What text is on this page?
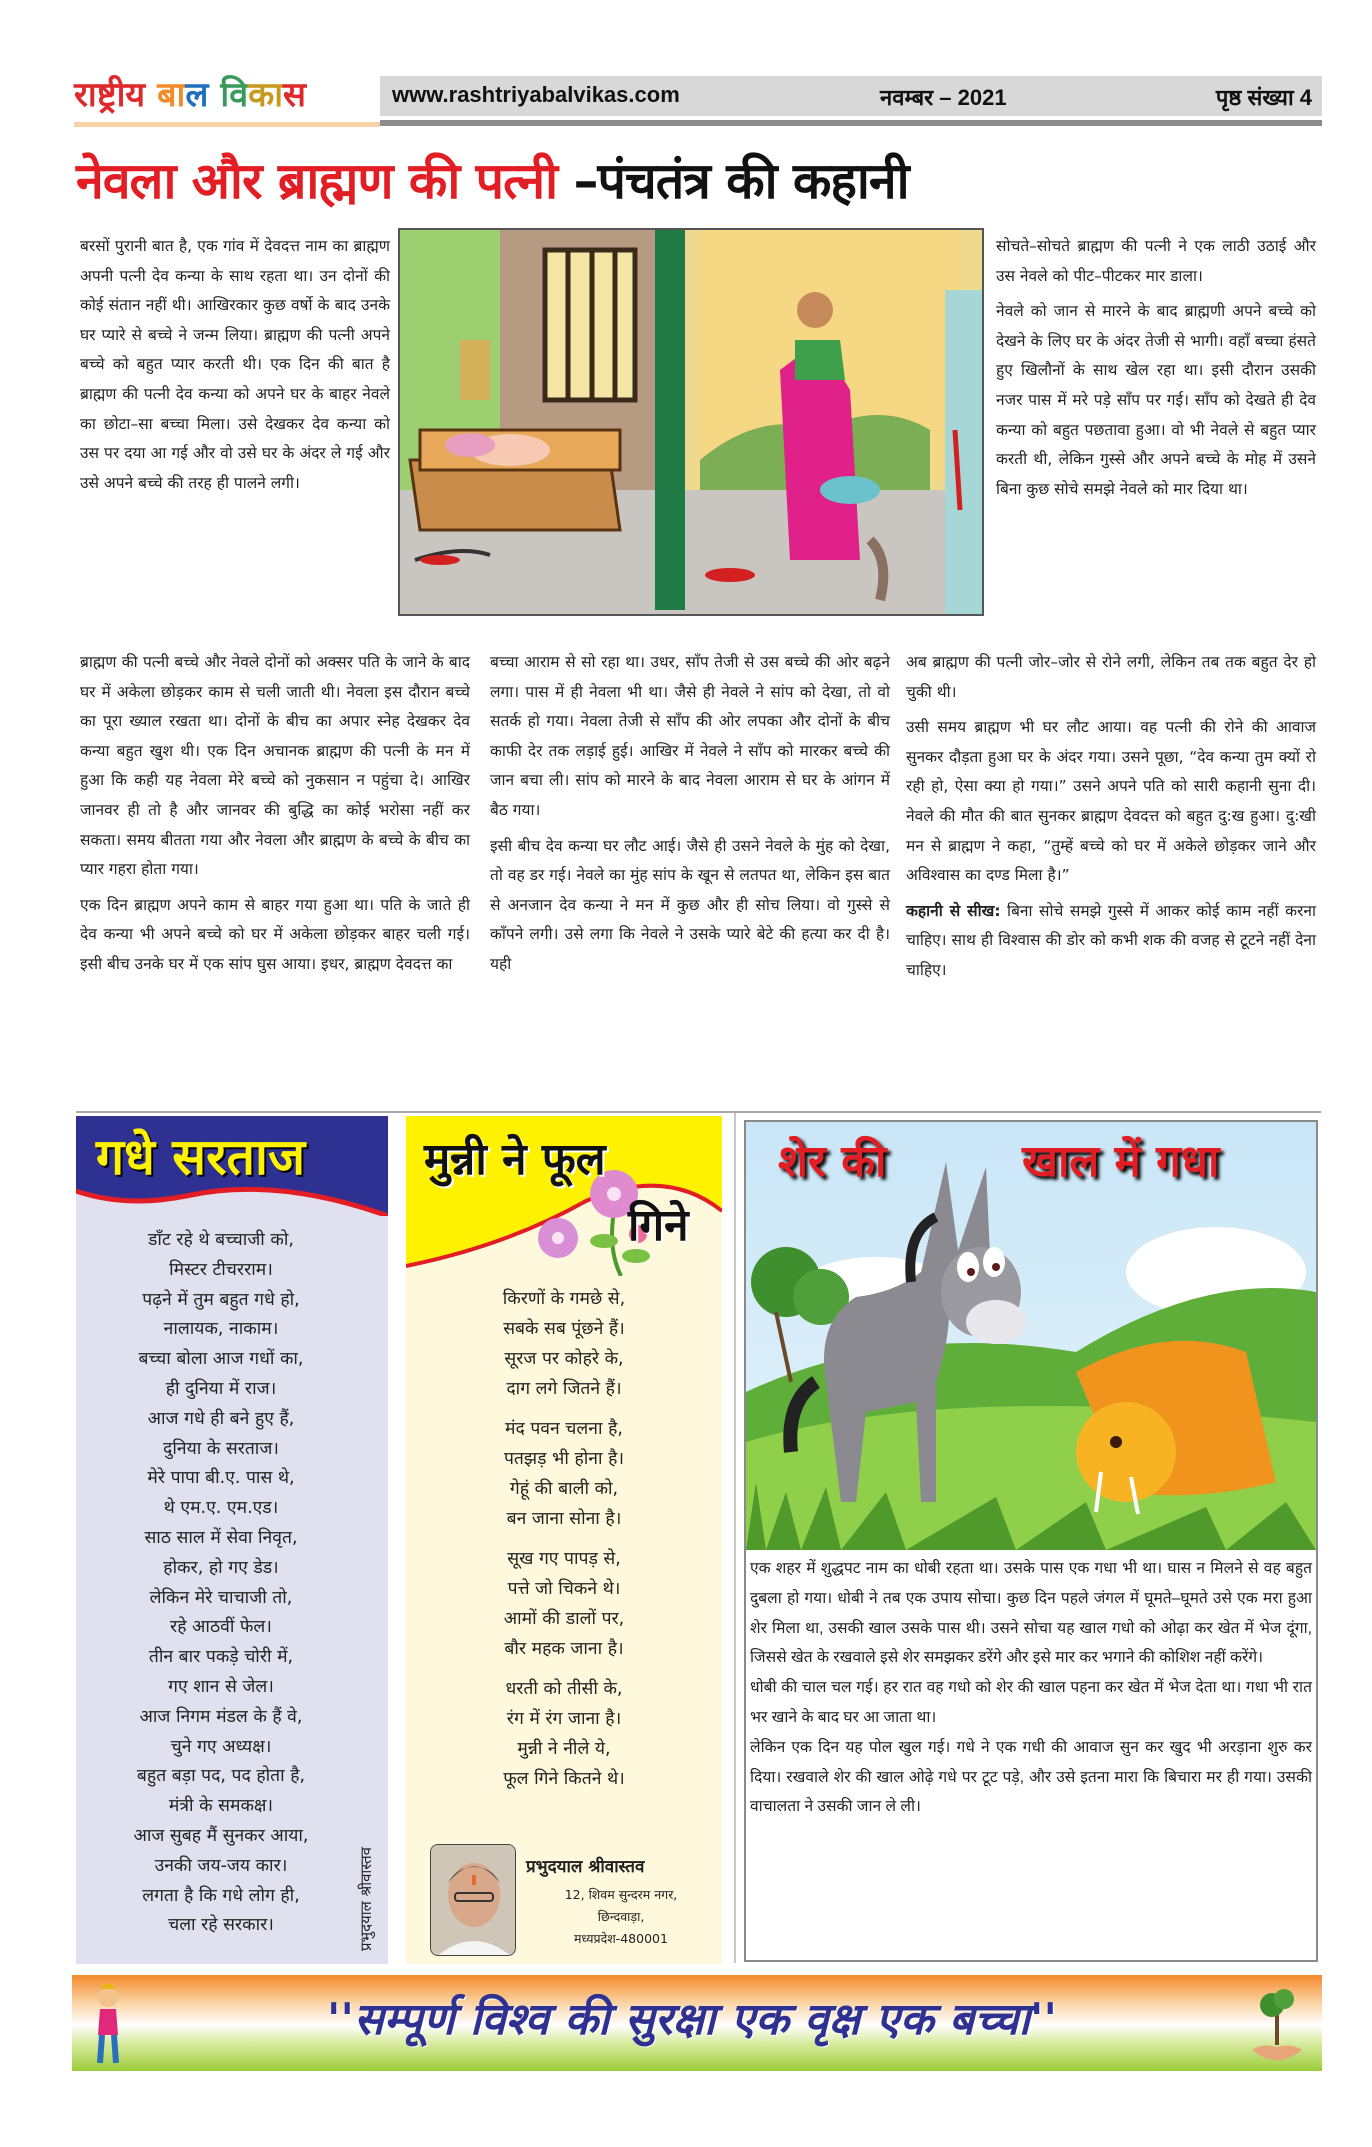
राष्ट्रीय बाल विकास	www.rashtriyabalvikas.com	नवम्बर – 2021	पृष्ठ संख्या 4
नेवला और ब्राह्मण की पत्नी –पंचतंत्र की कहानी

बरसों पुरानी बात है, एक गांव में देवदत्त नाम का ब्राह्मण अपनी पत्नी देव कन्या के साथ रहता था। उन दोनों की कोई संतान नहीं थी। आखिरकार कुछ वर्षो के बाद उनके घर प्यारे से बच्चे ने जन्म लिया। ब्राह्मण की पत्नी अपने बच्चे को बहुत प्यार करती थी। एक दिन की बात है ब्राह्मण की पत्नी देव कन्या को अपने घर के बाहर नेवले का छोटा–सा बच्चा मिला। उसे देखकर देव कन्या को उस पर दया आ गई और वो उसे घर के अंदर ले गई और उसे अपने बच्चे की तरह ही पालने लगी।

सोचते–सोचते ब्राह्मण की पत्नी ने एक लाठी उठाई और उस नेवले को पीट–पीटकर मार डाला।

नेवले को जान से मारने के बाद ब्राह्मणी अपने बच्चे को देखने के लिए घर के अंदर तेजी से भागी। वहाँ बच्चा हंसते हुए खिलौनों के साथ खेल रहा था। इसी दौरान उसकी नजर पास में मरे पड़े साँप पर गई। साँप को देखते ही देव कन्या को बहुत पछतावा हुआ। वो भी नेवले से बहुत प्यार करती थी, लेकिन गुस्से और अपने बच्चे के मोह में उसने बिना कुछ सोचे समझे नेवले को मार दिया था।

ब्राह्मण की पत्नी बच्चे और नेवले दोनों को अक्सर पति के जाने के बाद घर में अकेला छोड़कर काम से चली जाती थी। नेवला इस दौरान बच्चे का पूरा ख्याल रखता था। दोनों के बीच का अपार स्नेह देखकर देव कन्या बहुत खुश थी। एक दिन अचानक ब्राह्मण की पत्नी के मन में हुआ कि कही यह नेवला मेरे बच्चे को नुकसान न पहुंचा दे। आखिर जानवर ही तो है और जानवर की बुद्धि का कोई भरोसा नहीं कर सकता। समय बीतता गया और नेवला और ब्राह्मण के बच्चे के बीच का प्यार गहरा होता गया।

एक दिन ब्राह्मण अपने काम से बाहर गया हुआ था। पति के जाते ही देव कन्या भी अपने बच्चे को घर में अकेला छोड़कर बाहर चली गई। इसी बीच उनके घर में एक सांप घुस आया। इधर, ब्राह्मण देवदत्त का

बच्चा आराम से सो रहा था। उधर, साँप तेजी से उस बच्चे की ओर बढ़ने लगा। पास में ही नेवला भी था। जैसे ही नेवले ने सांप को देखा, तो वो सतर्क हो गया। नेवला तेजी से साँप की ओर लपका और दोनों के बीच काफी देर तक लड़ाई हुई। आखिर में नेवले ने साँप को मारकर बच्चे की जान बचा ली। सांप को मारने के बाद नेवला आराम से घर के आंगन में बैठ गया।

इसी बीच देव कन्या घर लौट आई। जैसे ही उसने नेवले के मुंह को देखा, तो वह डर गई। नेवले का मुंह सांप के खून से लतपत था, लेकिन इस बात से अनजान देव कन्या ने मन में कुछ और ही सोच लिया। वो गुस्से से काँपने लगी। उसे लगा कि नेवले ने उसके प्यारे बेटे की हत्या कर दी है। यही

अब ब्राह्मण की पत्नी जोर–जोर से रोने लगी, लेकिन तब तक बहुत देर हो चुकी थी।

उसी समय ब्राह्मण भी घर लौट आया। वह पत्नी की रोने की आवाज सुनकर दौड़ता हुआ घर के अंदर गया। उसने पूछा, “देव कन्या तुम क्यों रो रही हो, ऐसा क्या हो गया।” उसने अपने पति को सारी कहानी सुना दी। नेवले की मौत की बात सुनकर ब्राह्मण देवदत्त को बहुत दु:ख हुआ। दु:खी मन से ब्राह्मण ने कहा, “तुम्हें बच्चे को घर में अकेले छोड़कर जाने और अविश्वास का दण्ड मिला है।”

कहानी से सीख: बिना सोचे समझे गुस्से में आकर कोई काम नहीं करना चाहिए। साथ ही विश्वास की डोर को कभी शक की वजह से टूटने नहीं देना चाहिए।

गधे सरताज
डाँट रहे थे बच्चाजी को,
मिस्टर टीचरराम।
पढ़ने में तुम बहुत गधे हो,
नालायक, नाकाम।
बच्चा बोला आज गधों का,
ही दुनिया में राज।
आज गधे ही बने हुए हैं,
दुनिया के सरताज।
मेरे पापा बी.ए. पास थे,
थे एम.ए. एम.एड।
साठ साल में सेवा निवृत,
होकर, हो गए डेड।
लेकिन मेरे चाचाजी तो,
रहे आठवीं फेल।
तीन बार पकड़े चोरी में,
गए शान से जेल।
आज निगम मंडल के हैं वे,
चुने गए अध्यक्ष।
बहुत बड़ा पद, पद होता है,
मंत्री के समकक्ष।
आज सुबह मैं सुनकर आया,
उनकी जय-जय कार।
लगता है कि गधे लोग ही,
चला रहे सरकार।	प्रभुदयाल श्रीवास्तव
मुन्नी ने फूल
गिने
किरणों के गमछे से,
सबके सब पूंछने हैं।
सूरज पर कोहरे के,
दाग लगे जितने हैं।
मंद पवन चलना है,
पतझड़ भी होना है।
गेहूं की बाली को,
बन जाना सोना है।
सूख गए पापड़ से,
पत्ते जो चिकने थे।
आमों की डालों पर,
बौर महक जाना है।
धरती को तीसी के,
रंग में रंग जाना है।
मुन्नी ने नीले ये,
फूल गिने कितने थे।
प्रभुदयाल श्रीवास्तव
12, शिवम सुन्दरम नगर,
छिन्दवाड़ा,
मध्यप्रदेश-480001
शेर की	खाल में गधा

एक शहर में शुद्धपट नाम का धोबी रहता था। उसके पास एक गधा भी था। घास न मिलने से वह बहुत दुबला हो गया। धोबी ने तब एक उपाय सोचा। कुछ दिन पहले जंगल में घूमते–घूमते उसे एक मरा हुआ शेर मिला था, उसकी खाल उसके पास थी। उसने सोचा यह खाल गधो को ओढ़ा कर खेत में भेज दूंगा, जिससे खेत के रखवाले इसे शेर समझकर डरेंगे और इसे मार कर भगाने की कोशिश नहीं करेंगे।

धोबी की चाल चल गई। हर रात वह गधो को शेर की खाल पहना कर खेत में भेज देता था। गधा भी रात भर खाने के बाद घर आ जाता था।

लेकिन एक दिन यह पोल खुल गई। गधे ने एक गधी की आवाज सुन कर खुद भी अरड़ाना शुरु कर दिया। रखवाले शेर की खाल ओढ़े गधे पर टूट पड़े, और उसे इतना मारा कि बिचारा मर ही गया। उसकी वाचालता ने उसकी जान ले ली।

''सम्पूर्ण विश्व की सुरक्षा एक वृक्ष एक बच्चा''
